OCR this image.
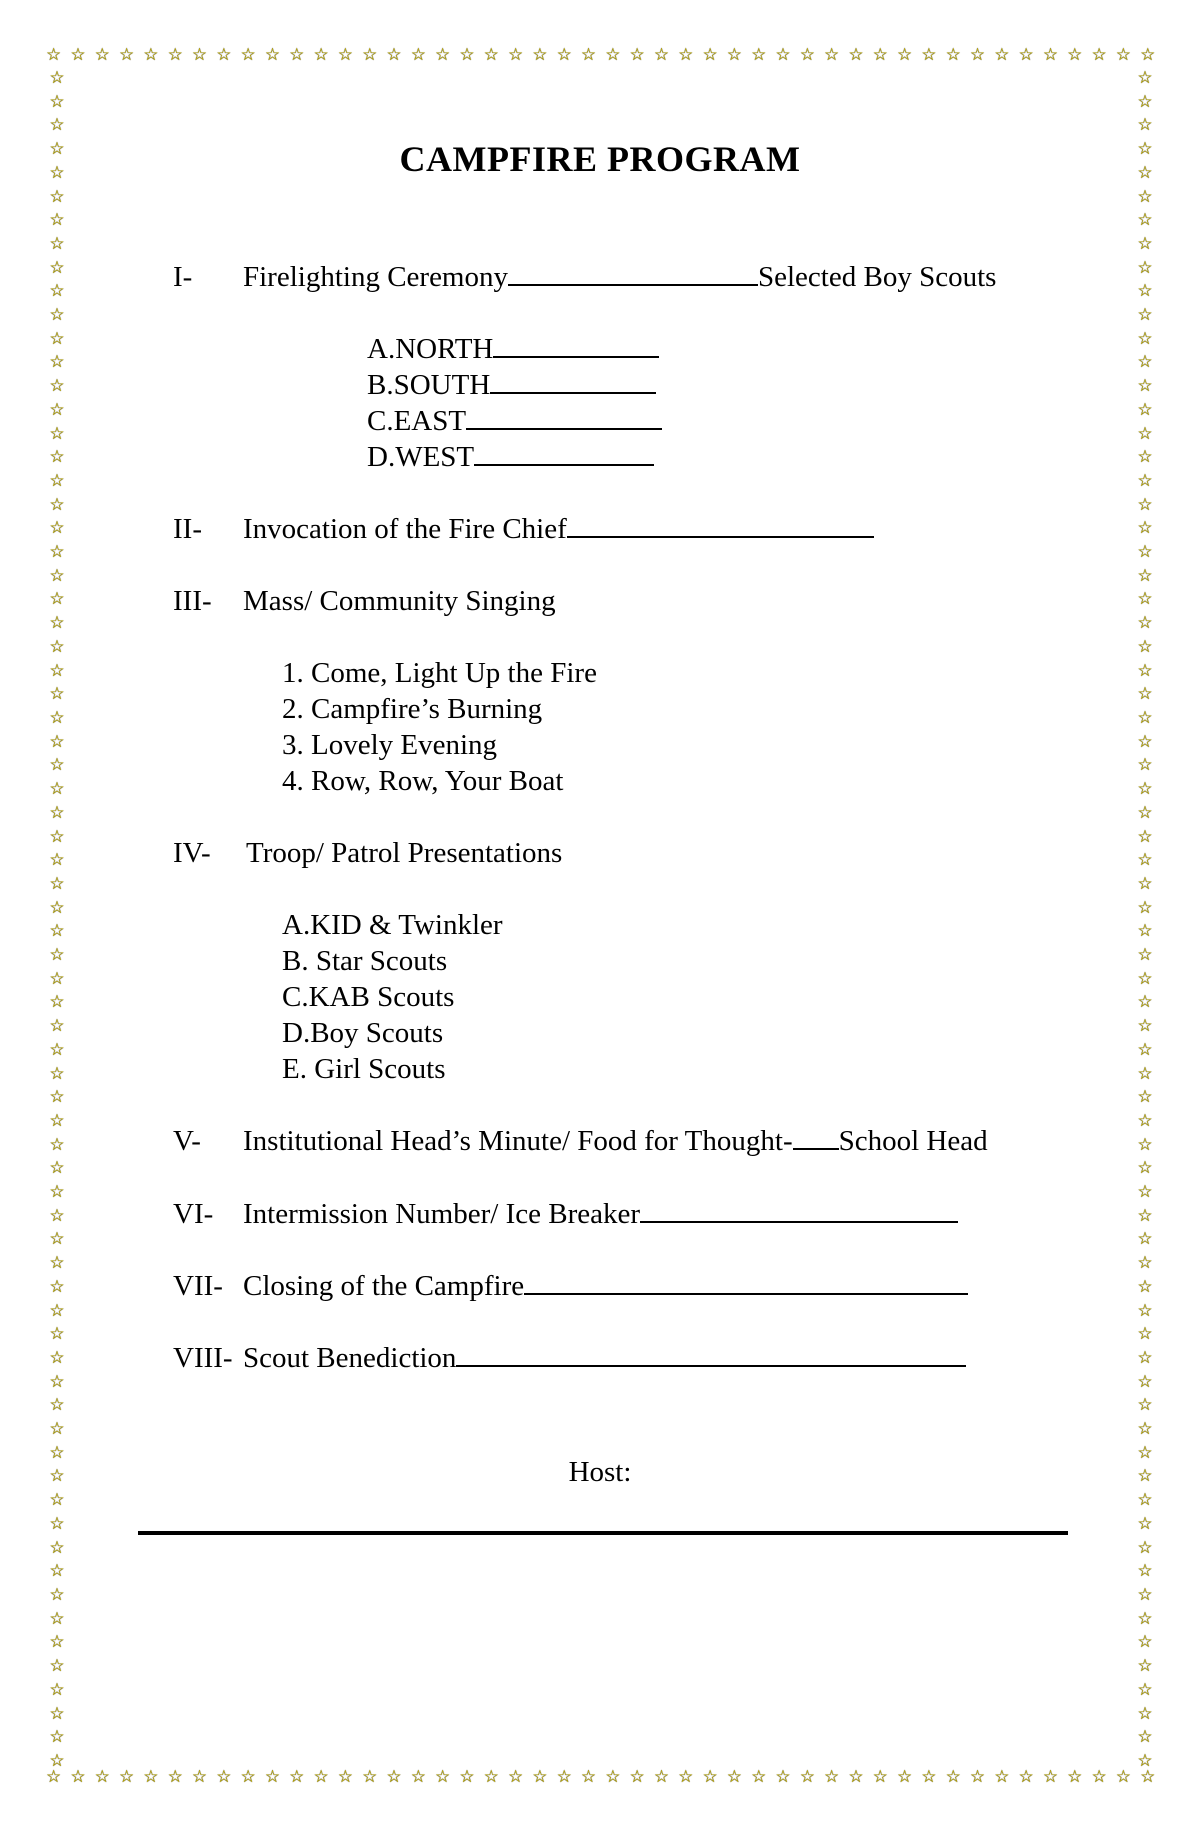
☆ ☆ ☆ ☆ ☆ ☆ ☆ ☆ ☆ ☆ ☆ ☆ ☆ ☆ ☆ ☆ ☆ ☆ ☆ ☆ ☆ ☆ ☆ ☆ ☆ ☆ ☆ ☆ ☆ ☆ ☆ ☆ ☆ ☆ ☆ ☆ ☆ ☆ ☆ ☆ ☆ ☆ ☆ ☆ ☆ ☆
☆ ☆ ☆ ☆ ☆ ☆ ☆ ☆ ☆ ☆ ☆ ☆ ☆ ☆ ☆ ☆ ☆ ☆ ☆ ☆ ☆ ☆ ☆ ☆ ☆ ☆ ☆ ☆ ☆ ☆ ☆ ☆ ☆ ☆ ☆ ☆ ☆ ☆ ☆ ☆ ☆ ☆ ☆ ☆ ☆ ☆
☆
☆
☆
☆
☆
☆
☆
☆
☆
☆
☆
☆
☆
☆
☆
☆
☆
☆
☆
☆
☆
☆
☆
☆
☆
☆
☆
☆
☆
☆
☆
☆
☆
☆
☆
☆
☆
☆
☆
☆
☆
☆
☆
☆
☆
☆
☆
☆
☆
☆
☆
☆
☆
☆
☆
☆
☆
☆
☆
☆
☆
☆
☆
☆
☆
☆
☆
☆
☆
☆
☆
☆
☆
☆
☆
☆
☆
☆
☆
☆
☆
☆
☆
☆
☆
☆
☆
☆
☆
☆
☆
☆
☆
☆
☆
☆
☆
☆
☆
☆
☆
☆
☆
☆
☆
☆
☆
☆
☆
☆
☆
☆
☆
☆
☆
☆
☆
☆
☆
☆
☆
☆
☆
☆
☆
☆
☆
☆
☆
☆
☆
☆
☆
☆
☆
☆
☆
☆
☆
☆
☆
☆
☆
☆
CAMPFIRE PROGRAM
I- Firelighting Ceremony	Selected Boy Scouts
A.NORTH
B.SOUTH
C.EAST
D.WEST
II- Invocation of the Fire Chief
III- Mass/ Community Singing
1. Come, Light Up the Fire
2. Campfire’s Burning
3. Lovely Evening
4. Row, Row, Your Boat
IV- Troop/ Patrol Presentations
A.KID & Twinkler
B. Star Scouts
C.KAB Scouts
D.Boy Scouts
E. Girl Scouts
V- Institutional Head’s Minute/ Food for Thought- School Head
VI- Intermission Number/ Ice Breaker
VII- Closing of the Campfire
VIII- Scout Benediction
Host:
